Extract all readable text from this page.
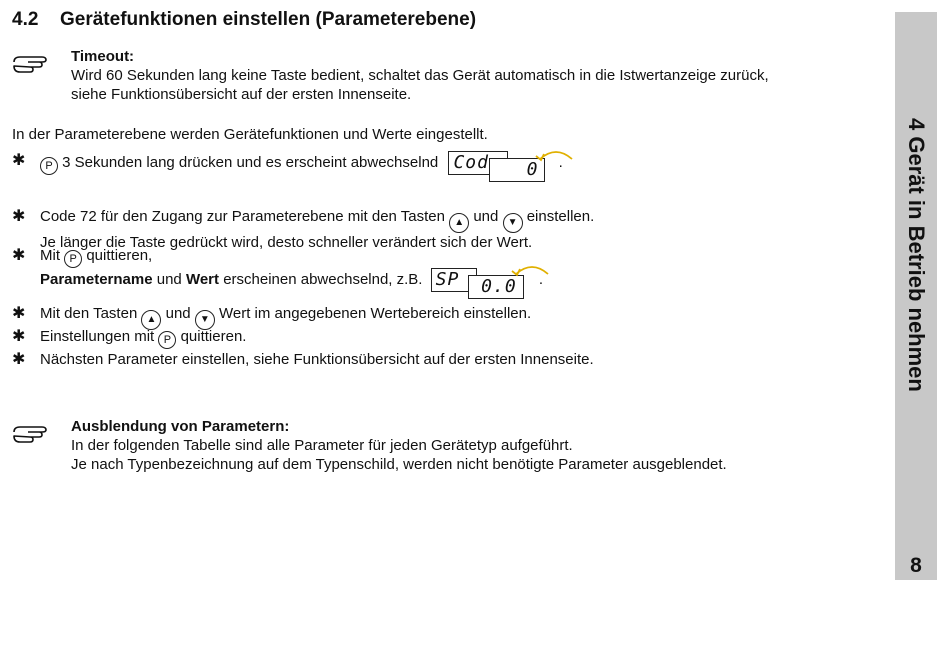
4.2 Gerätefunktionen einstellen (Parameterebene)
Timeout:
Wird 60 Sekunden lang keine Taste bedient, schaltet das Gerät automatisch in die Istwertanzeige zurück,
siehe Funktionsübersicht auf der ersten Innenseite.
In der Parameterebene werden Gerätefunktionen und Werte eingestellt.
✱	P 3 Sekunden lang drücken und es erscheint abwechselnd Cod	0
	.
✱ Code 72 für den Zugang zur Parameterebene mit den Tasten ▲ und ▼ einstellen.
Je länger die Taste gedrückt wird, desto schneller verändert sich der Wert.
✱ Mit P quittieren,
Parametername und Wert erscheinen abwechselnd, z.B. SP	0.0
	.
✱ Mit den Tasten ▲ und ▼ Wert im angegebenen Wertebereich einstellen.
✱ Einstellungen mit P quittieren.
✱ Nächsten Parameter einstellen, siehe Funktionsübersicht auf der ersten Innenseite.
Ausblendung von Parametern:
In der folgenden Tabelle sind alle Parameter für jeden Gerätetyp aufgeführt.
Je nach Typenbezeichnung auf dem Typenschild, werden nicht benötigte Parameter ausgeblendet.
4 Gerät in Betrieb nehmen
8
